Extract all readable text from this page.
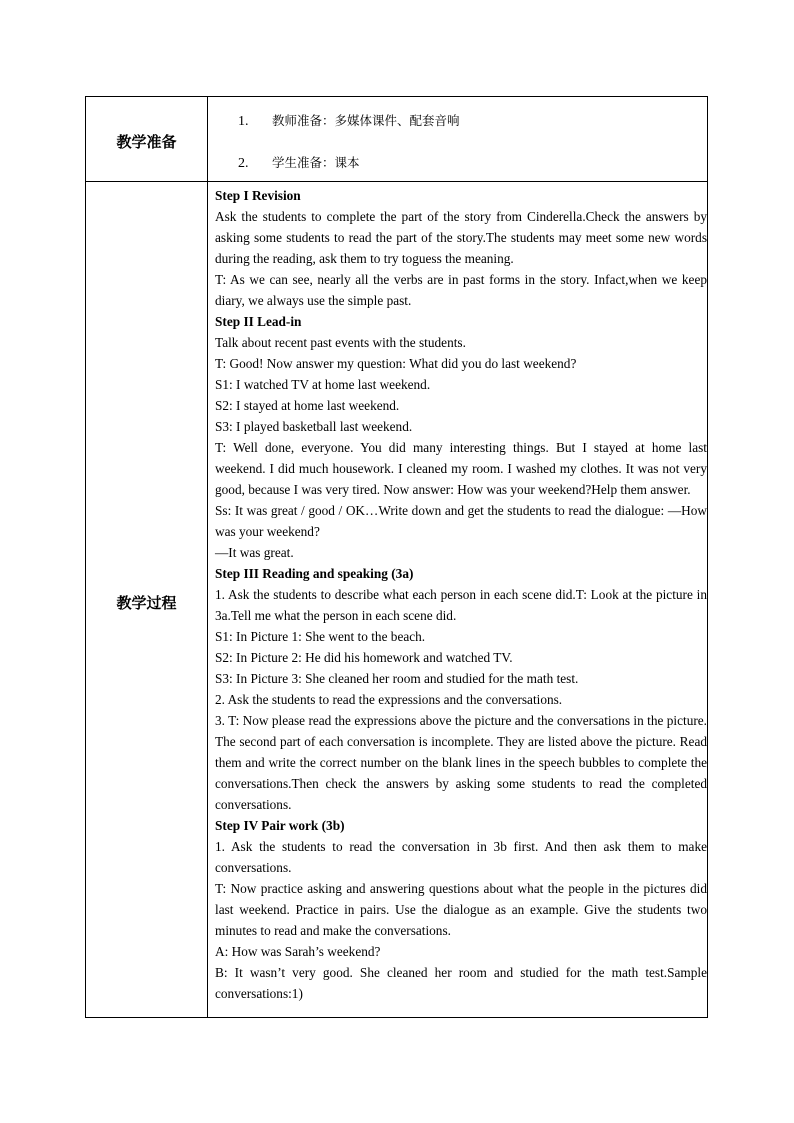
教学准备
1. 教师准备：多媒体课件、配套音响
2. 学生准备：课本
教学过程

Step I Revision

Ask the students to complete the part of the story from Cinderella.Check the answers by asking some students to read the part of the story.The students may meet some new words during the reading, ask them to try toguess the meaning.

T: As we can see, nearly all the verbs are in past forms in the story. Infact,when we keep diary, we always use the simple past.

Step II Lead-in

Talk about recent past events with the students.

T: Good! Now answer my question: What did you do last weekend?

S1: I watched TV at home last weekend.

S2: I stayed at home last weekend.

S3: I played basketball last weekend.

T: Well done, everyone. You did many interesting things. But I stayed at home last weekend. I did much housework. I cleaned my room. I washed my clothes. It was not very good, because I was very tired. Now answer: How was your weekend?Help them answer.

Ss: It was great / good / OK…Write down and get the students to read the dialogue: —How was your weekend?

—It was great.

Step III Reading and speaking (3a)

1. Ask the students to describe what each person in each scene did.T: Look at the picture in 3a.Tell me what the person in each scene did.

S1: In Picture 1: She went to the beach.

S2: In Picture 2: He did his homework and watched TV.

S3: In Picture 3: She cleaned her room and studied for the math test.

2. Ask the students to read the expressions and the conversations.

3. T: Now please read the expressions above the picture and the conversations in the picture. The second part of each conversation is incomplete. They are listed above the picture. Read them and write the correct number on the blank lines in the speech bubbles to complete the conversations.Then check the answers by asking some students to read the completed conversations.

Step IV Pair work (3b)

1. Ask the students to read the conversation in 3b first. And then ask them to make conversations.

T: Now practice asking and answering questions about what the people in the pictures did last weekend. Practice in pairs. Use the dialogue as an example. Give the students two minutes to read and make the conversations.

A: How was Sarah’s weekend?

B: It wasn’t very good. She cleaned her room and studied for the math test.Sample conversations:1)
